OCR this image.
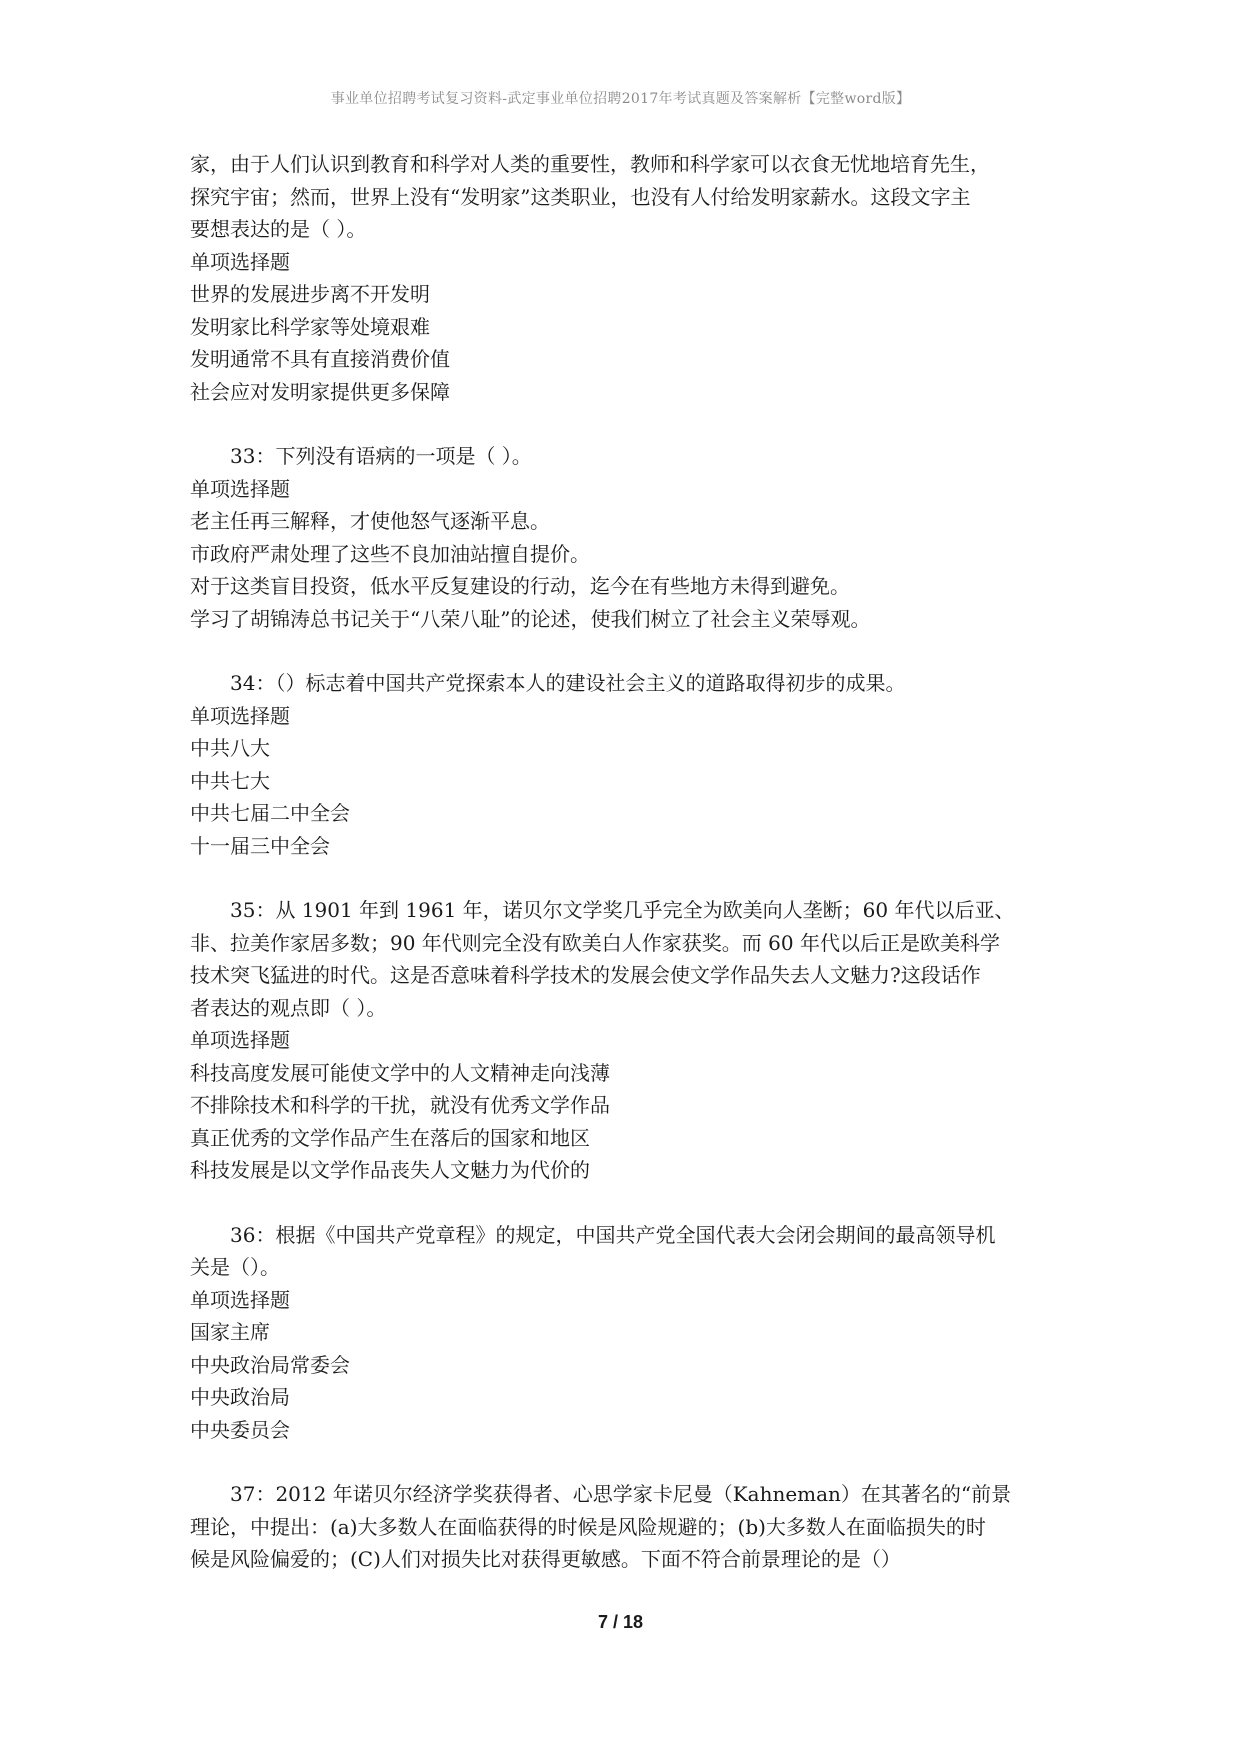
事业单位招聘考试复习资料-武定事业单位招聘2017年考试真题及答案解析【完整word版】

家，由于人们认识到教育和科学对人类的重要性，教师和科学家可以衣食无忧地培育先生，
探究宇宙；然而，世界上没有“发明家”这类职业，也没有人付给发明家薪水。这段文字主
要想表达的是（ ）。

单项选择题
世界的发展进步离不开发明
发明家比科学家等处境艰难
发明通常不具有直接消费价值
社会应对发明家提供更多保障

33：下列没有语病的一项是（ ）。

单项选择题
老主任再三解释，才使他怒气逐渐平息。
市政府严肃处理了这些不良加油站擅自提价。
对于这类盲目投资，低水平反复建设的行动，迄今在有些地方未得到避免。
学习了胡锦涛总书记关于“八荣八耻”的论述，使我们树立了社会主义荣辱观。

34：（）标志着中国共产党探索本人的建设社会主义的道路取得初步的成果。

单项选择题
中共八大
中共七大
中共七届二中全会
十一届三中全会

35：从 1901 年到 1961 年，诺贝尔文学奖几乎完全为欧美向人垄断；60 年代以后亚、
非、拉美作家居多数；90 年代则完全没有欧美白人作家获奖。而 60 年代以后正是欧美科学
技术突飞猛进的时代。这是否意味着科学技术的发展会使文学作品失去人文魅力?这段话作
者表达的观点即（ ）。

单项选择题
科技高度发展可能使文学中的人文精神走向浅薄
不排除技术和科学的干扰，就没有优秀文学作品
真正优秀的文学作品产生在落后的国家和地区
科技发展是以文学作品丧失人文魅力为代价的

36：根据《中国共产党章程》的规定，中国共产党全国代表大会闭会期间的最高领导机
关是（）。

单项选择题
国家主席
中央政治局常委会
中央政治局
中央委员会

37：2012 年诺贝尔经济学奖获得者、心思学家卡尼曼（Kahneman）在其著名的“前景
理论，中提出：(a)大多数人在面临获得的时候是风险规避的；(b)大多数人在面临损失的时
候是风险偏爱的；(C)人们对损失比对获得更敏感。下面不符合前景理论的是（）

7 / 18
